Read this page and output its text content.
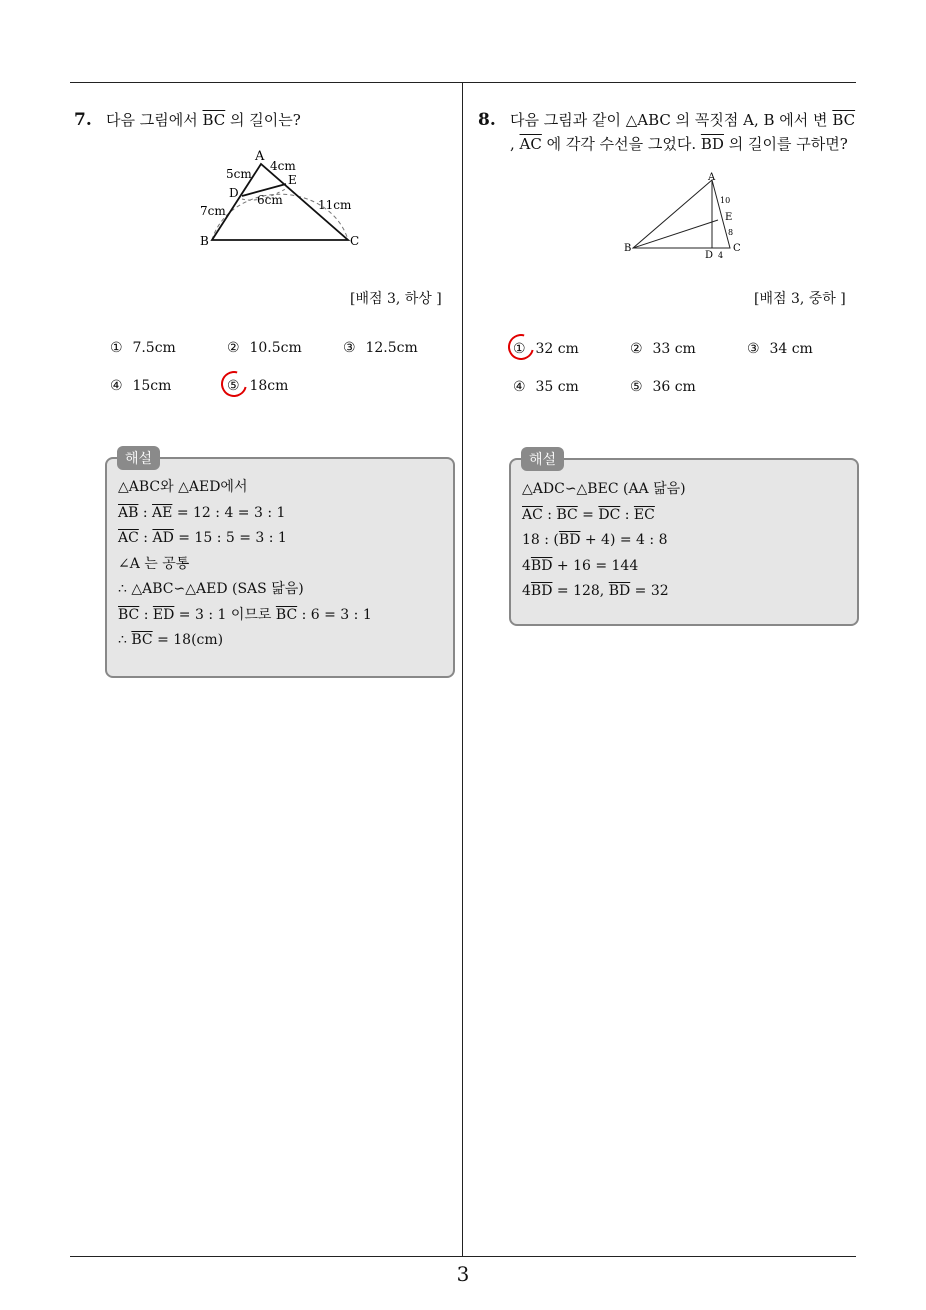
3
7. 다음 그림에서 $\overline{BC}$ 의 길이는?
A
B	C
D
E
5cm
4cm
6cm
7cm	11cm
[배점 3, 하상 ]
① 7.5cm	② 10.5cm	③ 12.5cm
④ 15cm	⑤ 18cm
해설
△ABC와 △AED에서
$\overline{AB}$ : $\overline{AE} = 12$ : 4 = 3 : 1
$\overline{AC}$ : $\overline{AD} = 15$ : 5 = 3 : 1
∠A 는 공통
∴ △ABC∽△AED (SAS 닮음)
$\overline{BC}$ : $\overline{ED} = 3$ : 1 이므로 $\overline{BC}$ : 6 = 3 : 1
∴ $\overline{BC} = 18(cm)$
8. 다음 그림과 같이 △ABC 의 꼭짓점 A, B 에서 변 $\overline{BC}$
, $\overline{AC}$ 에 각각 수선을 그었다. $\overline{BD}$ 의 길이를 구하면?
A
B	C
D
E
10
8
4
[배점 3, 중하 ]
① 32 cm	② 33 cm	③ 34 cm
④ 35 cm	⑤ 36 cm
해설
△ADC∽△BEC (AA 닮음)
$\overline{AC}$ : $\overline{BC} = \overline{DC}$ : $\overline{EC}$
18 : $(\overline{BD} + 4) = 4$ : 8
$4\overline{BD} + 16 = 144$
$4\overline{BD} = 128$, $\overline{BD} = 32$
